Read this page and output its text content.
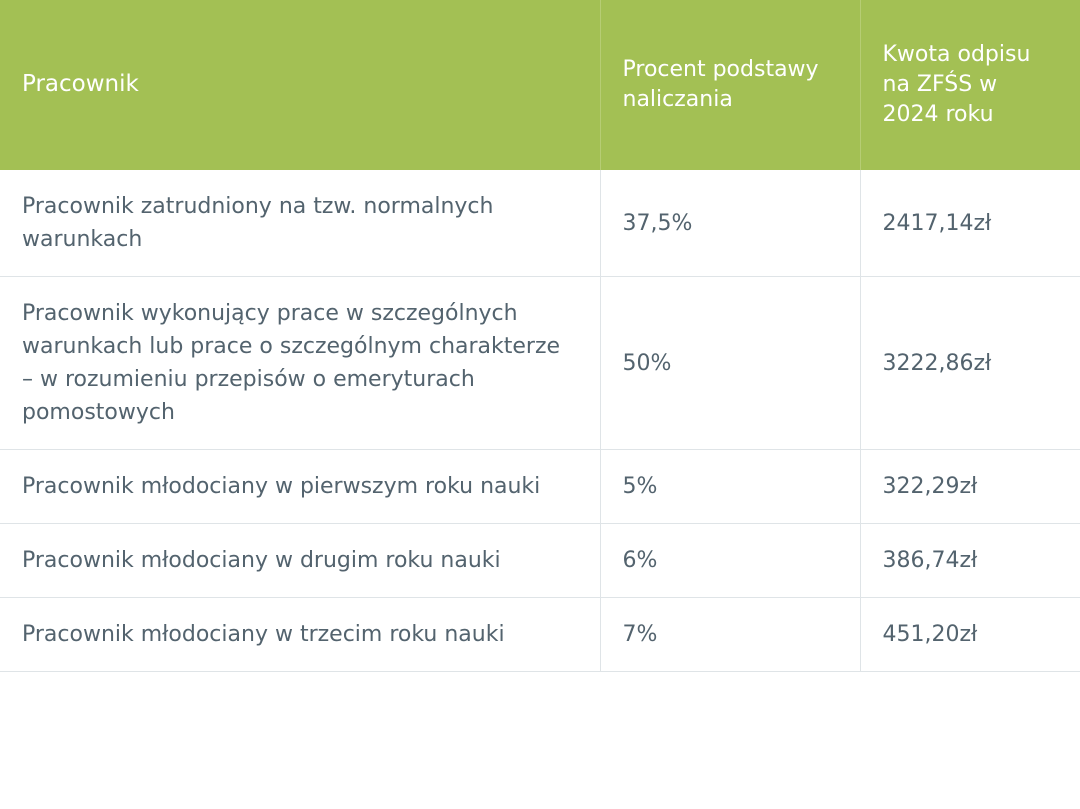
Pracownik	Procent podstawy naliczania	Kwota odpisu na ZFŚS w 2024 roku
Pracownik zatrudniony na tzw. normalnych warunkach	37,5%	2417,14zł
Pracownik wykonujący prace w szczególnych warunkach lub prace o szczególnym charakterze – w rozumieniu przepisów o emeryturach pomostowych	50%	3222,86zł
Pracownik młodociany w pierwszym roku nauki	5%	322,29zł
Pracownik młodociany w drugim roku nauki	6%	386,74zł
Pracownik młodociany w trzecim roku nauki	7%	451,20zł
